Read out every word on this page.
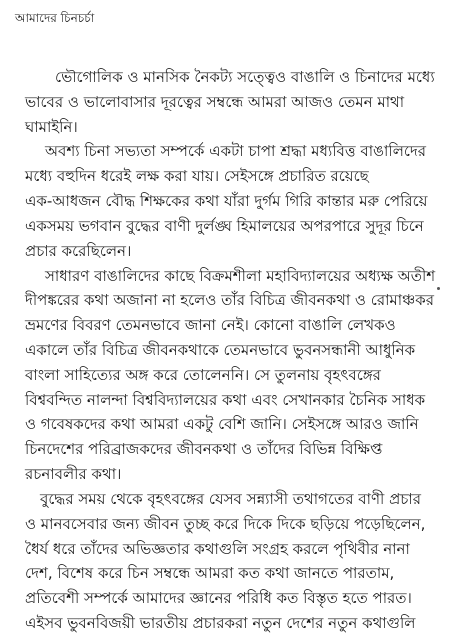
আমাদের চিনচর্চা
ভৌগোলিক ও মানসিক নৈকট্য সত্ত্বেও বাঙালি ও চিনাদের মধ্যে
ভাবের ও ভালোবাসার দূরত্বের সম্বন্ধে আমরা আজও তেমন মাথা
ঘামাইনি।
অবশ্য চিনা সভ্যতা সম্পর্কে একটা চাপা শ্রদ্ধা মধ্যবিত্ত বাঙালিদের
মধ্যে বহুদিন ধরেই লক্ষ করা যায়। সেইসঙ্গে প্রচারিত রয়েছে
এক-আধজন বৌদ্ধ শিক্ষকের কথা যাঁরা দুর্গম গিরি কান্তার মরু পেরিয়ে
একসময় ভগবান বুদ্ধের বাণী দুর্লঙ্ঘ হিমালয়ের অপরপারে সুদূর চিনে
প্রচার করেছিলেন।
সাধারণ বাঙালিদের কাছে বিক্রমশীলা মহাবিদ্যালয়ের অধ্যক্ষ অতীশ
দীপঙ্করের কথা অজানা না হলেও তাঁর বিচিত্র জীবনকথা ও রোমাঞ্চকর
ভ্রমণের বিবরণ তেমনভাবে জানা নেই। কোনো বাঙালি লেখকও
একালে তাঁর বিচিত্র জীবনকথাকে তেমনভাবে ভুবনসন্ধানী আধুনিক
বাংলা সাহিত্যের অঙ্গ করে তোলেননি। সে তুলনায় বৃহৎবঙ্গের
বিশ্ববন্দিত নালন্দা বিশ্ববিদ্যালয়ের কথা এবং সেখানকার চৈনিক সাধক
ও গবেষকদের কথা আমরা একটু বেশি জানি। সেইসঙ্গে আরও জানি
চিনদেশের পরিব্রাজকদের জীবনকথা ও তাঁদের বিভিন্ন বিক্ষিপ্ত
রচনাবলীর কথা।
বুদ্ধের সময় থেকে বৃহৎবঙ্গের যেসব সন্ন্যাসী তথাগতের বাণী প্রচার
ও মানবসেবার জন্য জীবন তুচ্ছ করে দিকে দিকে ছড়িয়ে পড়েছিলেন,
ধৈর্য ধরে তাঁদের অভিজ্ঞতার কথাগুলি সংগ্রহ করলে পৃথিবীর নানা
দেশ, বিশেষ করে চিন সম্বন্ধে আমরা কত কথা জানতে পারতাম,
প্রতিবেশী সম্পর্কে আমাদের জ্ঞানের পরিধি কত বিস্তৃত হতে পারত।
এইসব ভুবনবিজয়ী ভারতীয় প্রচারকরা নতুন দেশের নতুন কথাগুলি
